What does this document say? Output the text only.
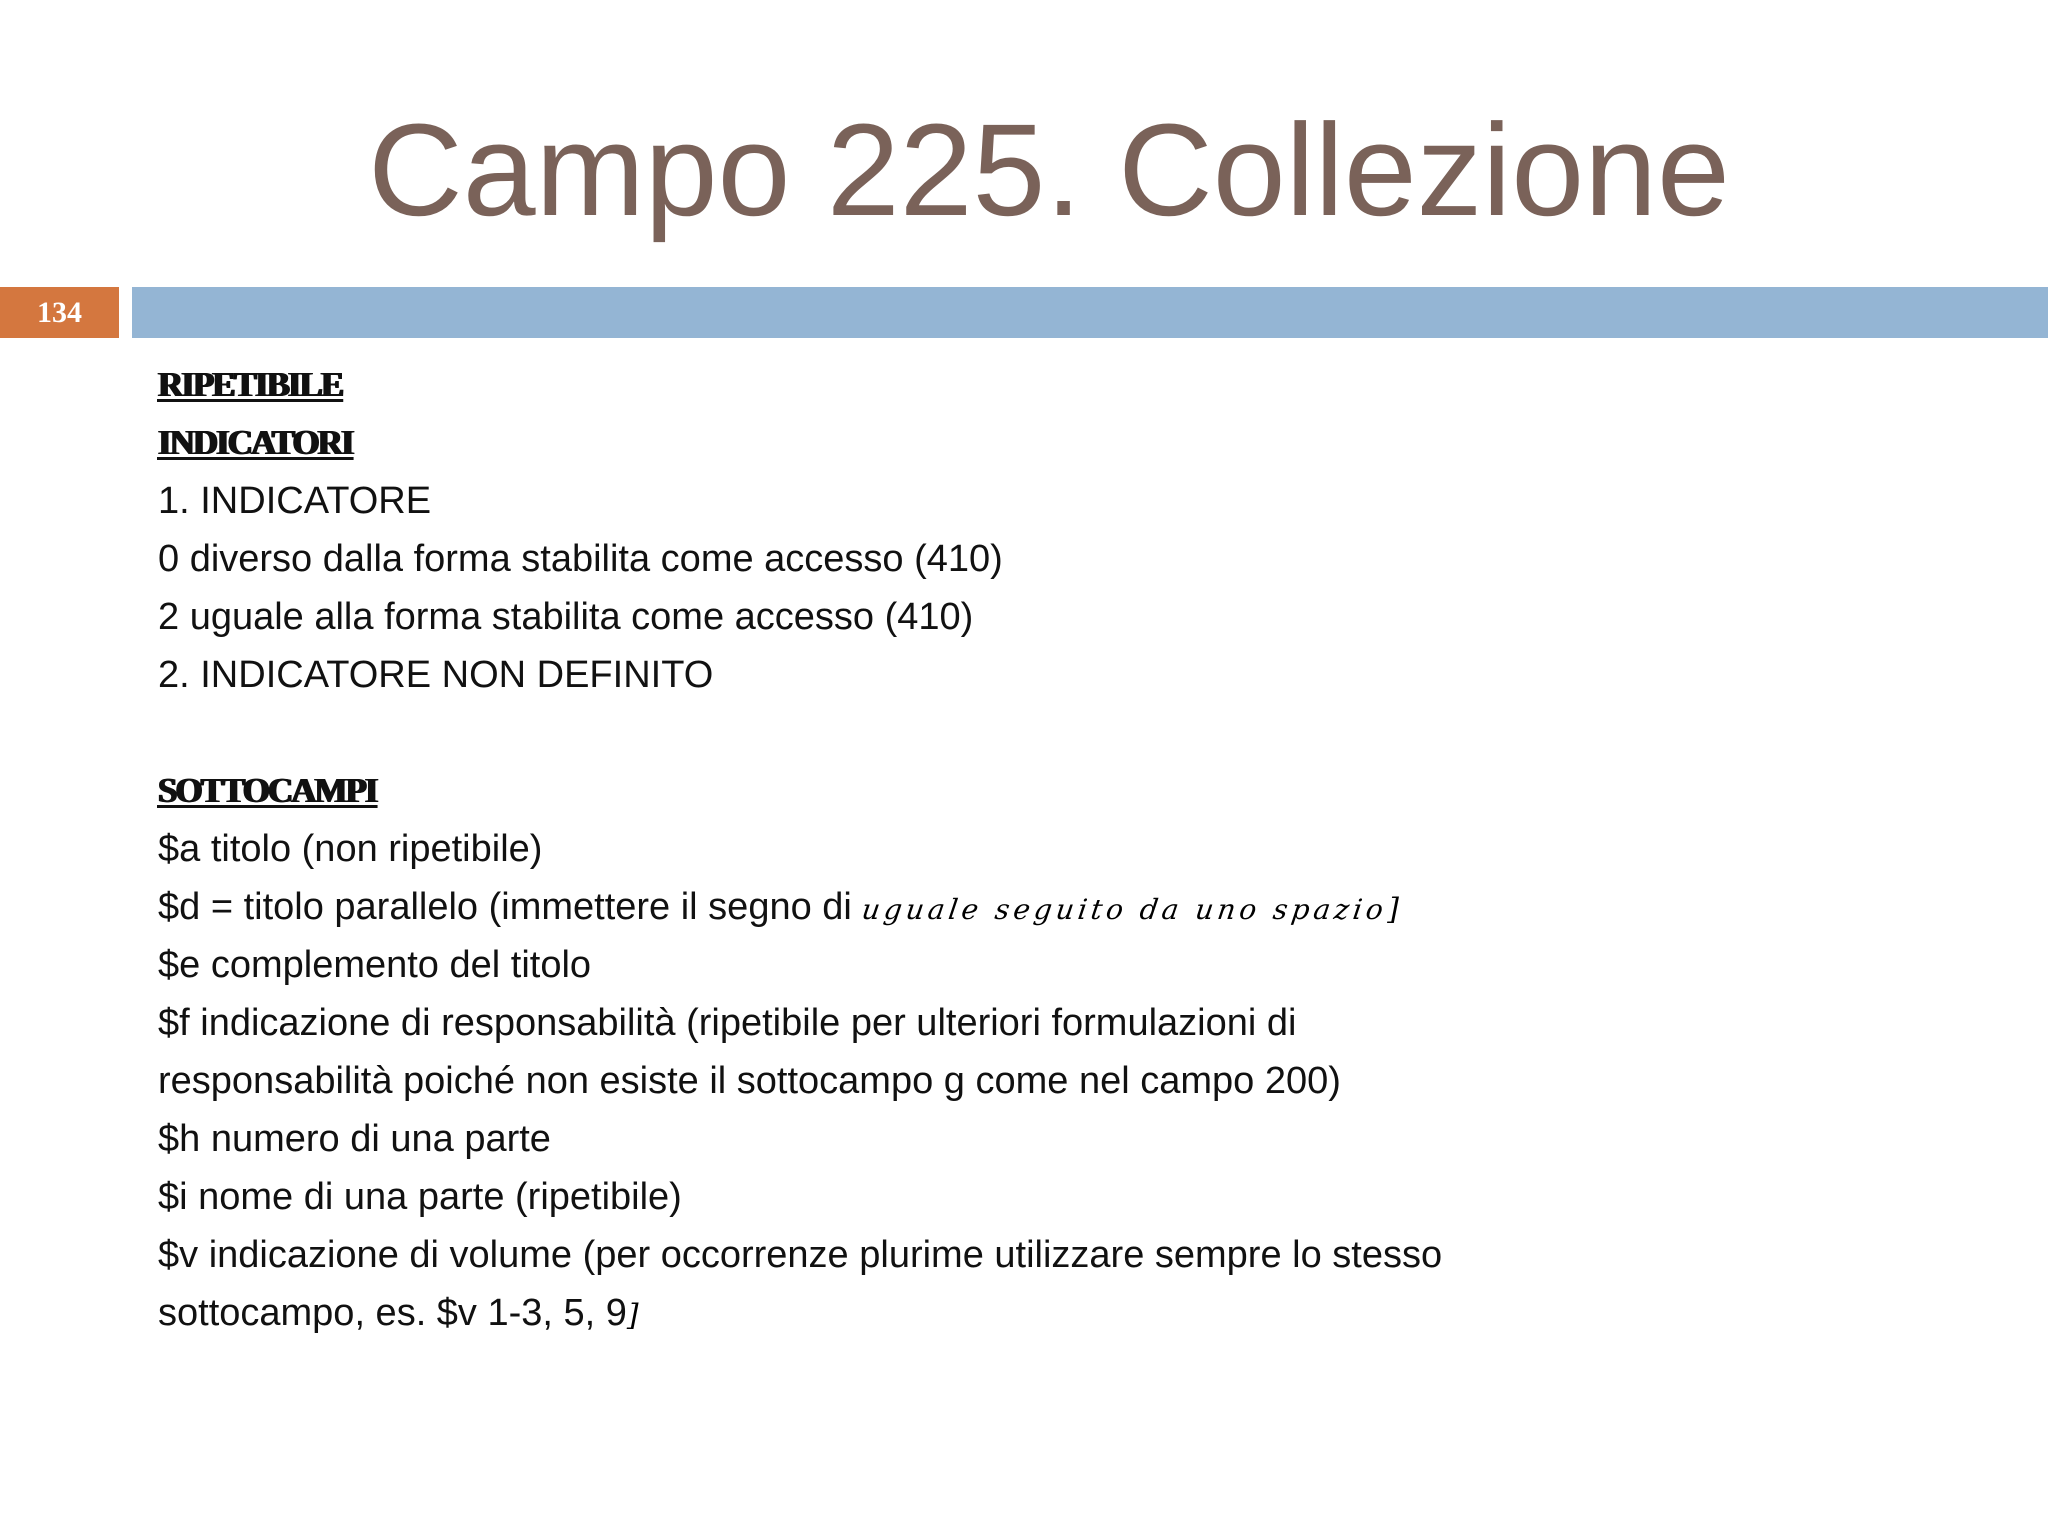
Campo 225. Collezione
134
RIPETIBILE
INDICATORI
1. INDICATORE
0 diverso dalla forma stabilita come accesso (410)
2 uguale alla forma stabilita come accesso (410)
2. INDICATORE NON DEFINITO
SOTTOCAMPI
$a titolo (non ripetibile)
$d = titolo parallelo (immettere il segno di uguale seguito da uno spazio]
$e complemento del titolo
$f indicazione di responsabilità (ripetibile per ulteriori formulazioni di
responsabilità poiché non esiste il sottocampo g come nel campo 200)
$h numero di una parte
$i nome di una parte (ripetibile)
$v indicazione di volume (per occorrenze plurime utilizzare sempre lo stesso
sottocampo, es. $v 1-3, 5, 9]
